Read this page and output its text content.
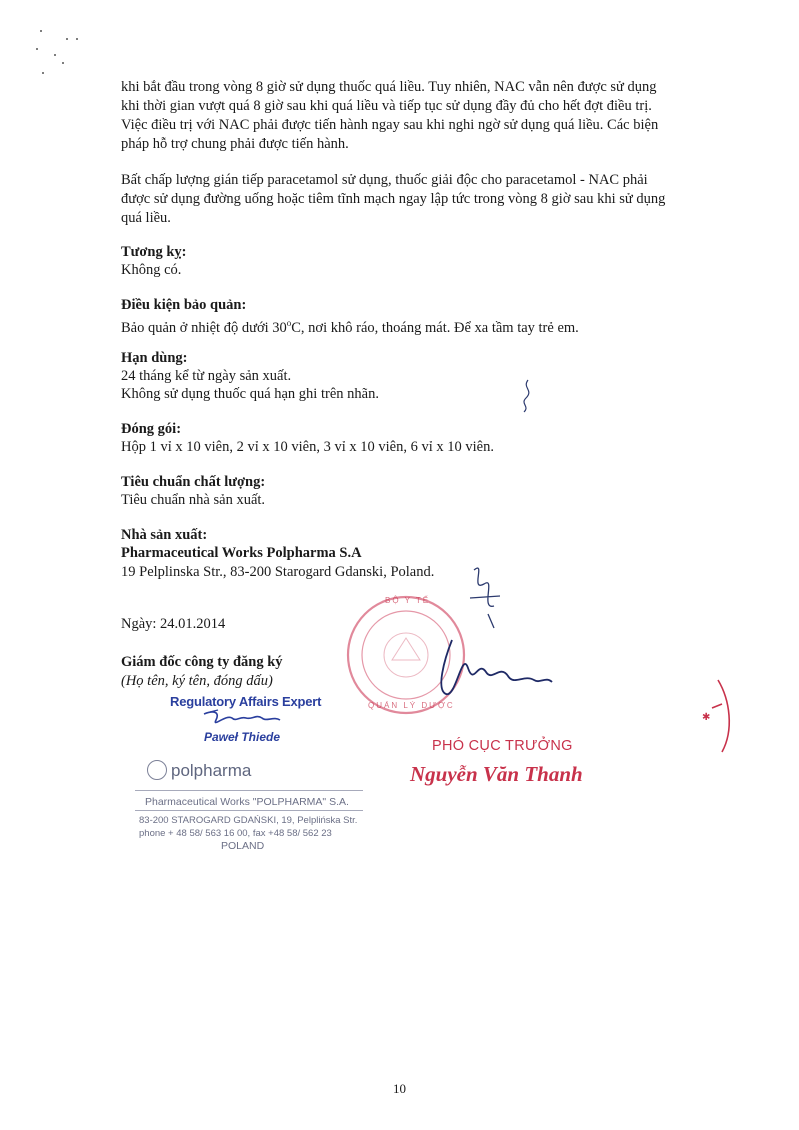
khi bắt đầu trong vòng 8 giờ sử dụng thuốc quá liều. Tuy nhiên, NAC vẫn nên được sử dụng
khi thời gian vượt quá 8 giờ sau khi quá liều và tiếp tục sử dụng đầy đủ cho hết đợt điều trị.
Việc điều trị với NAC phải được tiến hành ngay sau khi nghi ngờ sử dụng quá liều. Các biện
pháp hỗ trợ chung phải được tiến hành.

Bất chấp lượng gián tiếp paracetamol sử dụng, thuốc giải độc cho paracetamol - NAC phải
được sử dụng đường uống hoặc tiêm tĩnh mạch ngay lập tức trong vòng 8 giờ sau khi sử dụng
quá liều.

Tương kỵ:

Không có.

Điều kiện bảo quản:

Bảo quản ở nhiệt độ dưới 30$^o$C, nơi khô ráo, thoáng mát. Để xa tầm tay trẻ em.

Hạn dùng:

24 tháng kể từ ngày sản xuất.

Không sử dụng thuốc quá hạn ghi trên nhãn.

Đóng gói:

Hộp 1 vỉ x 10 viên, 2 vỉ x 10 viên, 3 vỉ x 10 viên, 6 vỉ x 10 viên.

Tiêu chuẩn chất lượng:

Tiêu chuẩn nhà sản xuất.

Nhà sản xuất:

Pharmaceutical Works Polpharma S.A

19 Pelplinska Str., 83-200 Starogard Gdanski, Poland.

Ngày: 24.01.2014

Giám đốc công ty đăng ký

(Họ tên, ký tên, đóng dấu)

Regulatory Affairs Expert
Paweł Thiede
polpharma
Pharmaceutical Works "POLPHARMA" S.A.
83-200 STAROGARD GDAŃSKI, 19, Pelplińska Str.
phone + 48 58/ 563 16 00, fax +48 58/ 562 23
POLAND
✱
BỘ Y TẾ
QUẢN LÝ DƯỢC
PHÓ CỤC TRƯỞNG
Nguyễn Văn Thanh
10
